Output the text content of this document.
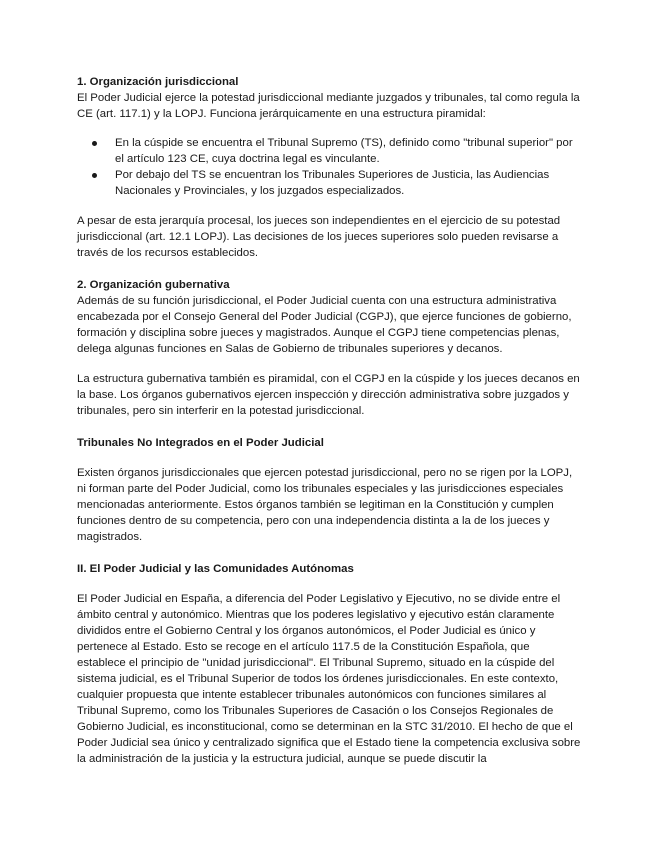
1. Organización jurisdiccional

El Poder Judicial ejerce la potestad jurisdiccional mediante juzgados y tribunales, tal como regula la CE (art. 117.1) y la LOPJ. Funciona jerárquicamente en una estructura piramidal:

En la cúspide se encuentra el Tribunal Supremo (TS), definido como "tribunal superior" por el artículo 123 CE, cuya doctrina legal es vinculante.
Por debajo del TS se encuentran los Tribunales Superiores de Justicia, las Audiencias Nacionales y Provinciales, y los juzgados especializados.

A pesar de esta jerarquía procesal, los jueces son independientes en el ejercicio de su potestad jurisdiccional (art. 12.1 LOPJ). Las decisiones de los jueces superiores solo pueden revisarse a través de los recursos establecidos.

2. Organización gubernativa

Además de su función jurisdiccional, el Poder Judicial cuenta con una estructura administrativa encabezada por el Consejo General del Poder Judicial (CGPJ), que ejerce funciones de gobierno, formación y disciplina sobre jueces y magistrados. Aunque el CGPJ tiene competencias plenas, delega algunas funciones en Salas de Gobierno de tribunales superiores y decanos.

La estructura gubernativa también es piramidal, con el CGPJ en la cúspide y los jueces decanos en la base. Los órganos gubernativos ejercen inspección y dirección administrativa sobre juzgados y tribunales, pero sin interferir en la potestad jurisdiccional.

Tribunales No Integrados en el Poder Judicial

Existen órganos jurisdiccionales que ejercen potestad jurisdiccional, pero no se rigen por la LOPJ, ni forman parte del Poder Judicial, como los tribunales especiales y las jurisdicciones especiales mencionadas anteriormente. Estos órganos también se legitiman en la Constitución y cumplen funciones dentro de su competencia, pero con una independencia distinta a la de los jueces y magistrados.

II. El Poder Judicial y las Comunidades Autónomas

El Poder Judicial en España, a diferencia del Poder Legislativo y Ejecutivo, no se divide entre el ámbito central y autonómico. Mientras que los poderes legislativo y ejecutivo están claramente divididos entre el Gobierno Central y los órganos autonómicos, el Poder Judicial es único y pertenece al Estado. Esto se recoge en el artículo 117.5 de la Constitución Española, que establece el principio de "unidad jurisdiccional". El Tribunal Supremo, situado en la cúspide del sistema judicial, es el Tribunal Superior de todos los órdenes jurisdiccionales. En este contexto, cualquier propuesta que intente establecer tribunales autonómicos con funciones similares al Tribunal Supremo, como los Tribunales Superiores de Casación o los Consejos Regionales de Gobierno Judicial, es inconstitucional, como se determinan en la STC 31/2010. El hecho de que el Poder Judicial sea único y centralizado significa que el Estado tiene la competencia exclusiva sobre la administración de la justicia y la estructura judicial, aunque se puede discutir la
